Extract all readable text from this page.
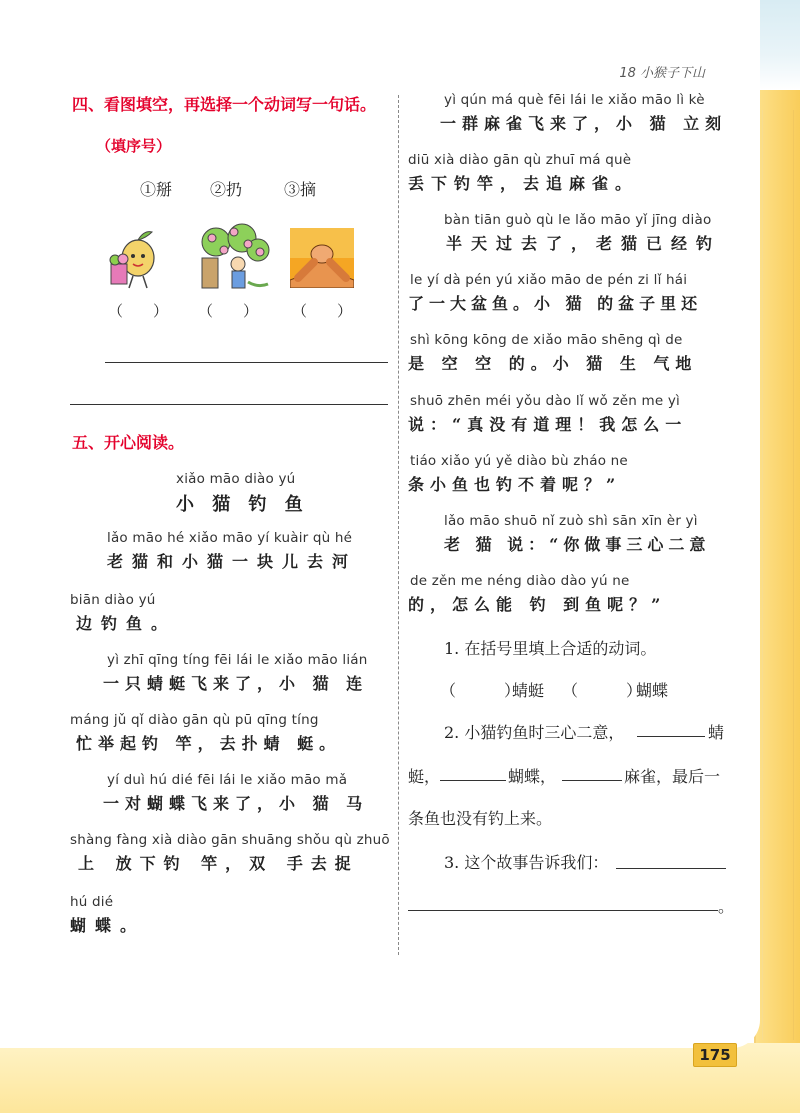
18 小猴子下山
四、看图填空，再选择一个动词写一句话。
（填序号）
①掰 ②扔	③摘
（　　） （　　） （　　）
五、开心阅读。
xiǎo māo diào yú
小 猫 钓 鱼
lǎo māo hé xiǎo māo yí kuàir qù hé
老猫和小猫一块儿去河
biān diào yú
边钓鱼。
yì zhī qīng tíng fēi lái le xiǎo māo lián
一只蜻蜓飞来了，小 猫 连
máng jǔ qǐ diào gān qù pū qīng tíng
忙举起钓 竿，去扑蜻 蜓。
yí duì hú dié fēi lái le xiǎo māo mǎ
一对蝴蝶飞来了，小 猫 马
shàng fàng xià diào gān shuāng shǒu qù zhuō
上 放下钓 竿，双 手去捉
hú dié
蝴蝶。
yì qún má què fēi lái le xiǎo māo lì kè
一群麻雀飞来了，小 猫 立刻
diū xià diào gān qù zhuī má què
丢下钓竿，去追麻雀。
bàn tiān guò qù le lǎo māo yǐ jīng diào
半天过去了，老猫已经钓
le yí dà pén yú xiǎo māo de pén zi lǐ hái
了一大盆鱼。小 猫 的盆子里还
shì kōng kōng de xiǎo māo shēng qì de
是 空 空 的。小 猫 生 气地
shuō zhēn méi yǒu dào lǐ wǒ zěn me yì
说：“真没有道理！我怎么一
tiáo xiǎo yú yě diào bù zháo ne
条小鱼也钓不着呢？”
lǎo māo shuō nǐ zuò shì sān xīn èr yì
老 猫 说：“你做事三心二意
de zěn me néng diào dào yú ne
的，怎么能 钓 到鱼呢？”
1. 在括号里填上合适的动词。
（　　　）
蜻蜓 （　　　）
蝴蝶
2. 小猫钓鱼时三心二意，	蜻
蜓，	蝴蝶，	麻雀，最后一
条鱼也没有钓上来。
3. 这个故事告诉我们：
。
175
